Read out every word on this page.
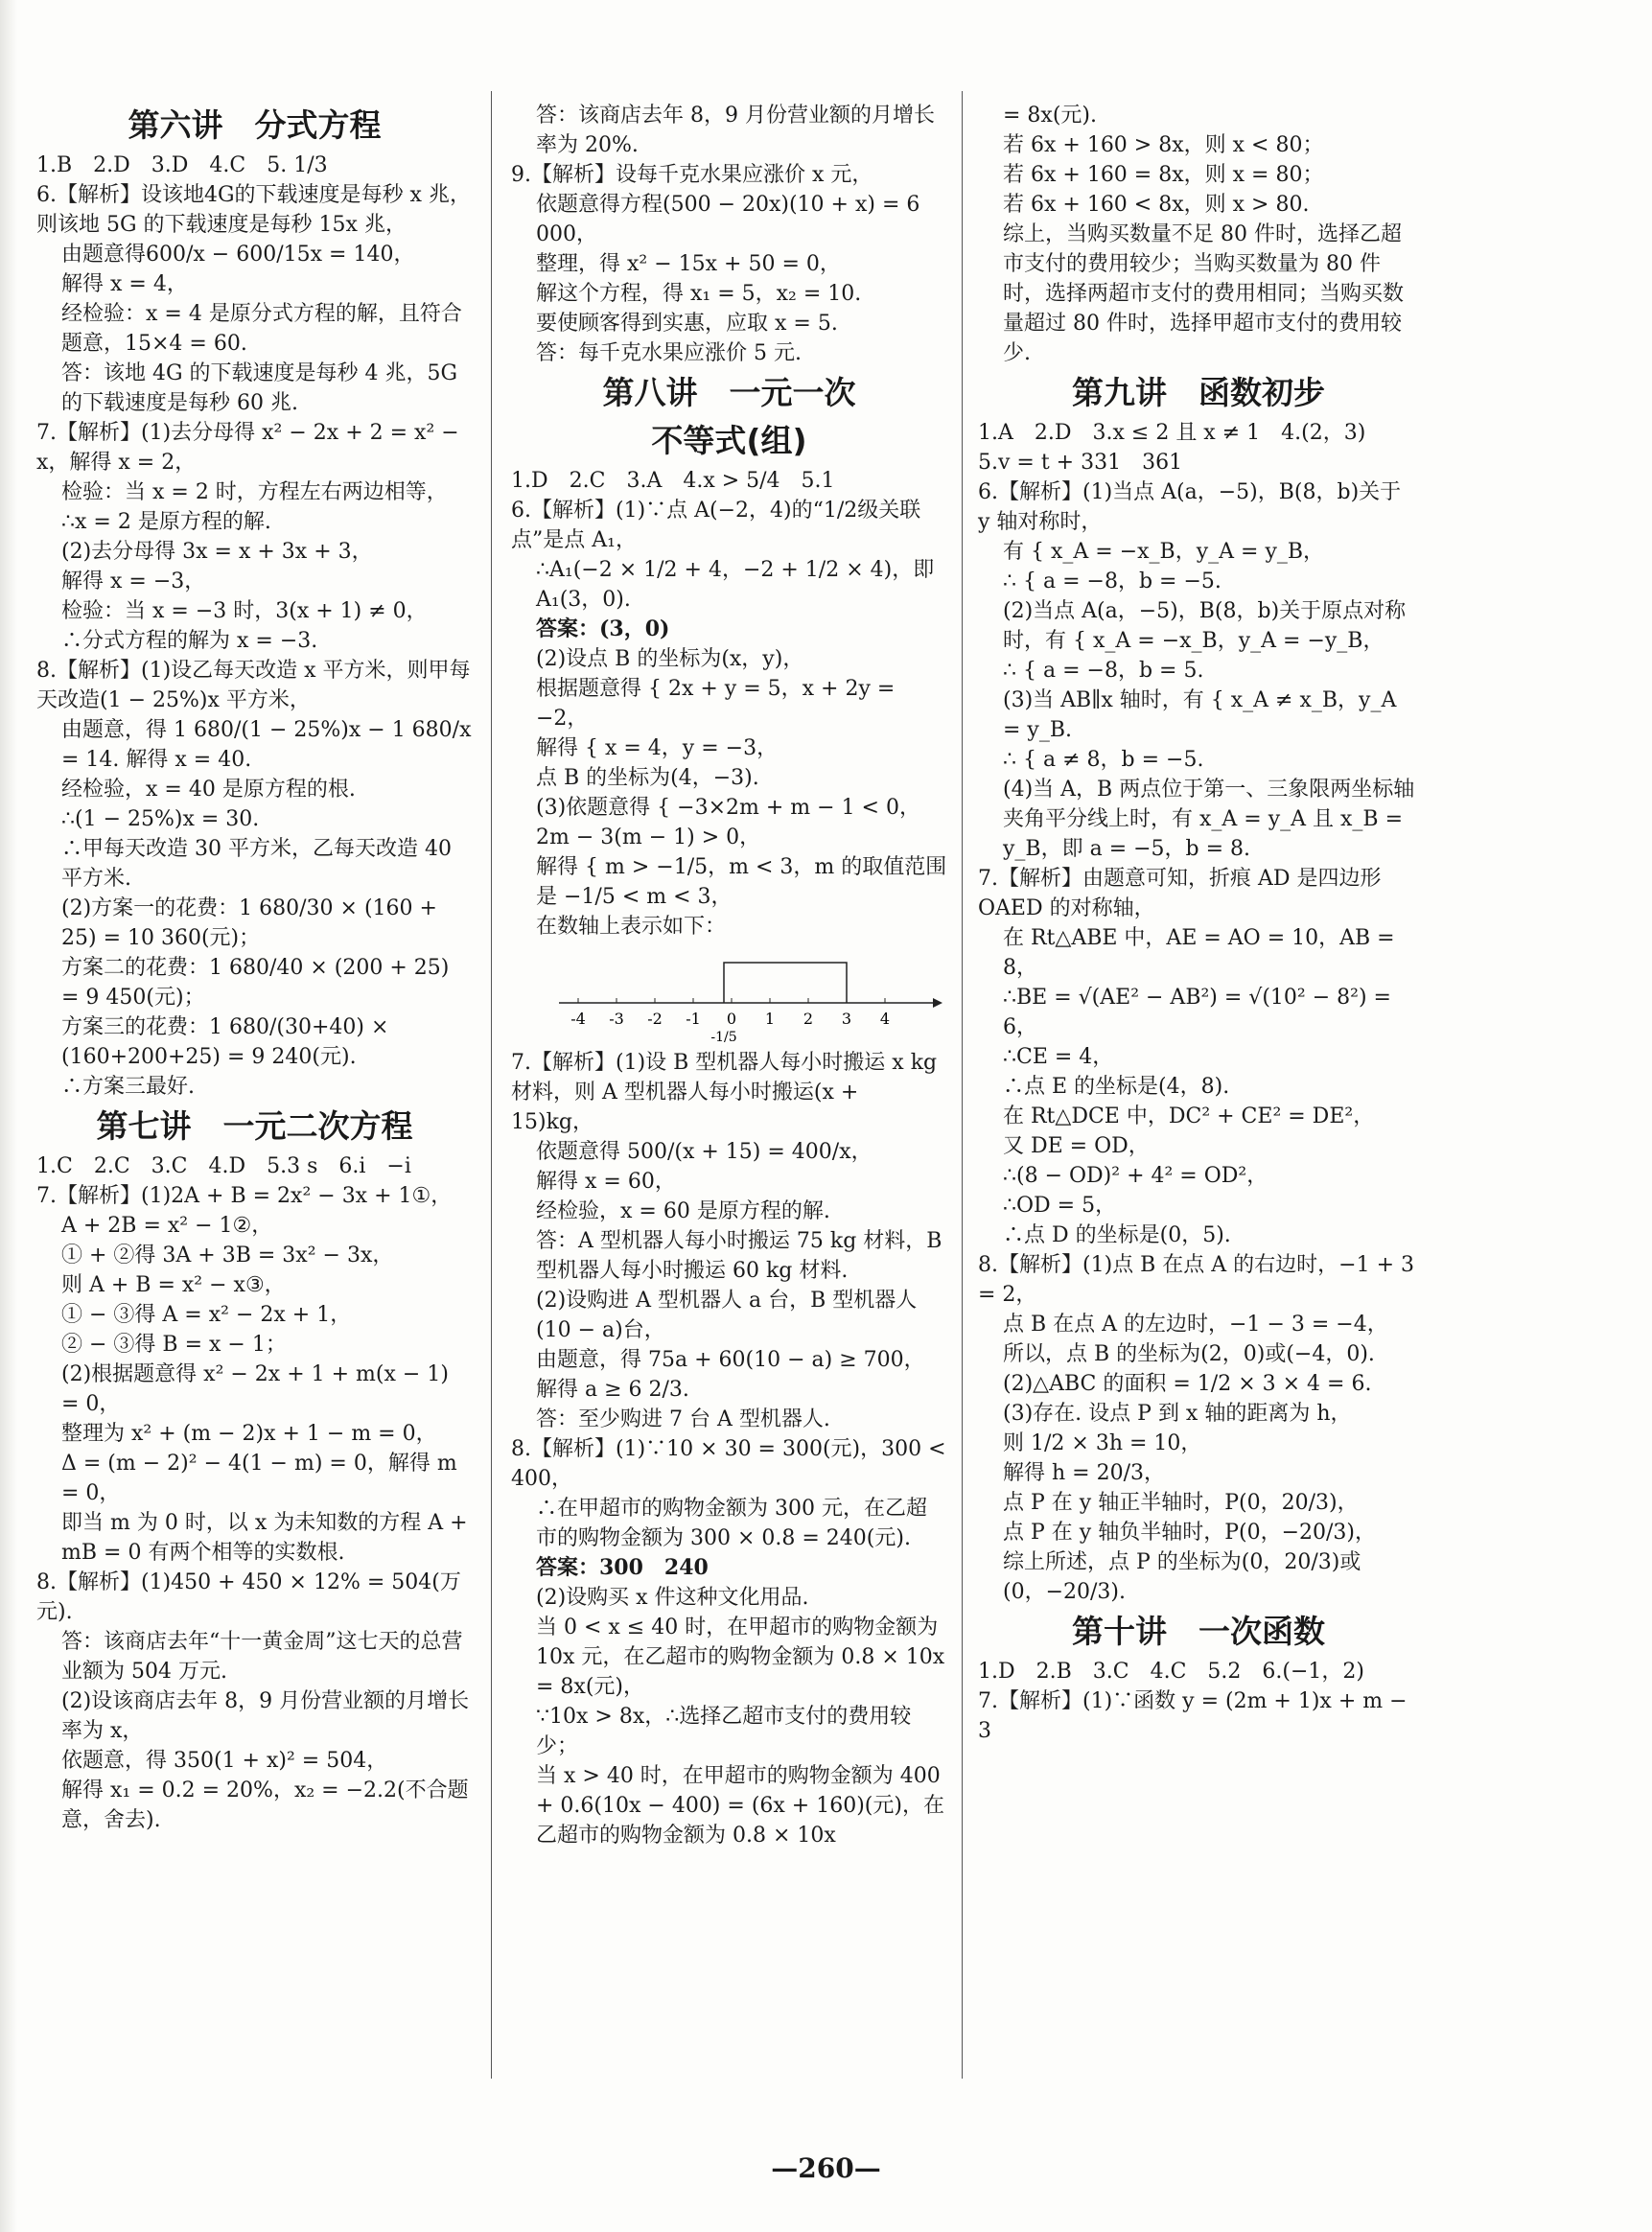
第六讲　分式方程
1.B　2.D　3.D　4.C　5. 1/3
6.【解析】设该地4G的下载速度是每秒 x 兆，则该地 5G 的下载速度是每秒 15x 兆，
由题意得600/x − 600/15x = 140，
解得 x = 4，
经检验：x = 4 是原分式方程的解，且符合题意，15×4 = 60.
答：该地 4G 的下载速度是每秒 4 兆，5G 的下载速度是每秒 60 兆.
7.【解析】(1)去分母得 x² − 2x + 2 = x² − x，解得 x = 2，
检验：当 x = 2 时，方程左右两边相等，
∴x = 2 是原方程的解.
(2)去分母得 3x = x + 3x + 3，
解得 x = −3，
检验：当 x = −3 时，3(x + 1) ≠ 0，
∴分式方程的解为 x = −3.
8.【解析】(1)设乙每天改造 x 平方米，则甲每天改造(1 − 25%)x 平方米，
由题意，得 1 680/(1 − 25%)x − 1 680/x = 14. 解得 x = 40.
经检验，x = 40 是原方程的根.
∴(1 − 25%)x = 30.
∴甲每天改造 30 平方米，乙每天改造 40 平方米.
(2)方案一的花费：1 680/30 × (160 + 25) = 10 360(元)；
方案二的花费：1 680/40 × (200 + 25) = 9 450(元)；
方案三的花费：1 680/(30+40) × (160+200+25) = 9 240(元).
∴方案三最好.
第七讲　一元二次方程
1.C　2.C　3.C　4.D　5.3 s　6.i　−i
7.【解析】(1)2A + B = 2x² − 3x + 1①，
A + 2B = x² − 1②，
① + ②得 3A + 3B = 3x² − 3x，
则 A + B = x² − x③，
① − ③得 A = x² − 2x + 1，
② − ③得 B = x − 1；
(2)根据题意得 x² − 2x + 1 + m(x − 1) = 0，
整理为 x² + (m − 2)x + 1 − m = 0，
Δ = (m − 2)² − 4(1 − m) = 0，解得 m = 0，
即当 m 为 0 时，以 x 为未知数的方程 A + mB = 0 有两个相等的实数根.
8.【解析】(1)450 + 450 × 12% = 504(万元).
答：该商店去年“十一黄金周”这七天的总营业额为 504 万元.
(2)设该商店去年 8，9 月份营业额的月增长率为 x，
依题意，得 350(1 + x)² = 504，
解得 x₁ = 0.2 = 20%，x₂ = −2.2(不合题意，舍去).
答：该商店去年 8，9 月份营业额的月增长率为 20%.
9.【解析】设每千克水果应涨价 x 元，
依题意得方程(500 − 20x)(10 + x) = 6 000，
整理，得 x² − 15x + 50 = 0，
解这个方程，得 x₁ = 5，x₂ = 10.
要使顾客得到实惠，应取 x = 5.
答：每千克水果应涨价 5 元.
第八讲　一元一次
不等式(组)
1.D　2.C　3.A　4.x > 5/4　5.1
6.【解析】(1)∵点 A(−2，4)的“1/2级关联点”是点 A₁，
∴A₁(−2 × 1/2 + 4，−2 + 1/2 × 4)，即 A₁(3，0).
答案：(3，0)
(2)设点 B 的坐标为(x，y)，
根据题意得 { 2x + y = 5，x + 2y = −2，
解得 { x = 4，y = −3，
点 B 的坐标为(4，−3).
(3)依题意得 { −3×2m + m − 1 < 0，2m − 3(m − 1) > 0，
解得 { m > −1/5，m < 3，m 的取值范围是 −1/5 < m < 3，
在数轴上表示如下：
-4 -3 -2 -1 0 1 2 3 4
-1/5
7.【解析】(1)设 B 型机器人每小时搬运 x kg材料，则 A 型机器人每小时搬运(x + 15)kg，
依题意得 500/(x + 15) = 400/x，
解得 x = 60，
经检验，x = 60 是原方程的解.
答：A 型机器人每小时搬运 75 kg 材料，B 型机器人每小时搬运 60 kg 材料.
(2)设购进 A 型机器人 a 台，B 型机器人(10 − a)台，
由题意，得 75a + 60(10 − a) ≥ 700，
解得 a ≥ 6 2/3.
答：至少购进 7 台 A 型机器人.
8.【解析】(1)∵10 × 30 = 300(元)，300 < 400，
∴在甲超市的购物金额为 300 元，在乙超市的购物金额为 300 × 0.8 = 240(元).
答案：300　240
(2)设购买 x 件这种文化用品.
当 0 < x ≤ 40 时，在甲超市的购物金额为 10x 元，在乙超市的购物金额为 0.8 × 10x = 8x(元)，
∵10x > 8x，∴选择乙超市支付的费用较少；
当 x > 40 时，在甲超市的购物金额为 400 + 0.6(10x − 400) = (6x + 160)(元)，在乙超市的购物金额为 0.8 × 10x
= 8x(元).
若 6x + 160 > 8x，则 x < 80；
若 6x + 160 = 8x，则 x = 80；
若 6x + 160 < 8x，则 x > 80.
综上，当购买数量不足 80 件时，选择乙超市支付的费用较少；当购买数量为 80 件时，选择两超市支付的费用相同；当购买数量超过 80 件时，选择甲超市支付的费用较少.
第九讲　函数初步
1.A　2.D　3.x ≤ 2 且 x ≠ 1　4.(2，3)
5.v = t + 331　361
6.【解析】(1)当点 A(a，−5)，B(8，b)关于 y 轴对称时，
有 { x_A = −x_B，y_A = y_B，
∴ { a = −8，b = −5.
(2)当点 A(a，−5)，B(8，b)关于原点对称时，有 { x_A = −x_B，y_A = −y_B，
∴ { a = −8，b = 5.
(3)当 AB∥x 轴时，有 { x_A ≠ x_B，y_A = y_B.
∴ { a ≠ 8，b = −5.
(4)当 A，B 两点位于第一、三象限两坐标轴夹角平分线上时，有 x_A = y_A 且 x_B = y_B，即 a = −5，b = 8.
7.【解析】由题意可知，折痕 AD 是四边形 OAED 的对称轴，
在 Rt△ABE 中，AE = AO = 10，AB = 8，
∴BE = √(AE² − AB²) = √(10² − 8²) = 6，
∴CE = 4，
∴点 E 的坐标是(4，8).
在 Rt△DCE 中，DC² + CE² = DE²，
又 DE = OD，
∴(8 − OD)² + 4² = OD²，
∴OD = 5，
∴点 D 的坐标是(0，5).
8.【解析】(1)点 B 在点 A 的右边时，−1 + 3 = 2，
点 B 在点 A 的左边时，−1 − 3 = −4，
所以，点 B 的坐标为(2，0)或(−4，0).
(2)△ABC 的面积 = 1/2 × 3 × 4 = 6.
(3)存在. 设点 P 到 x 轴的距离为 h，
则 1/2 × 3h = 10，
解得 h = 20/3，
点 P 在 y 轴正半轴时，P(0，20/3)，
点 P 在 y 轴负半轴时，P(0，−20/3)，
综上所述，点 P 的坐标为(0，20/3)或(0，−20/3).
第十讲　一次函数
1.D　2.B　3.C　4.C　5.2　6.(−1，2)
7.【解析】(1)∵函数 y = (2m + 1)x + m − 3
—260—
